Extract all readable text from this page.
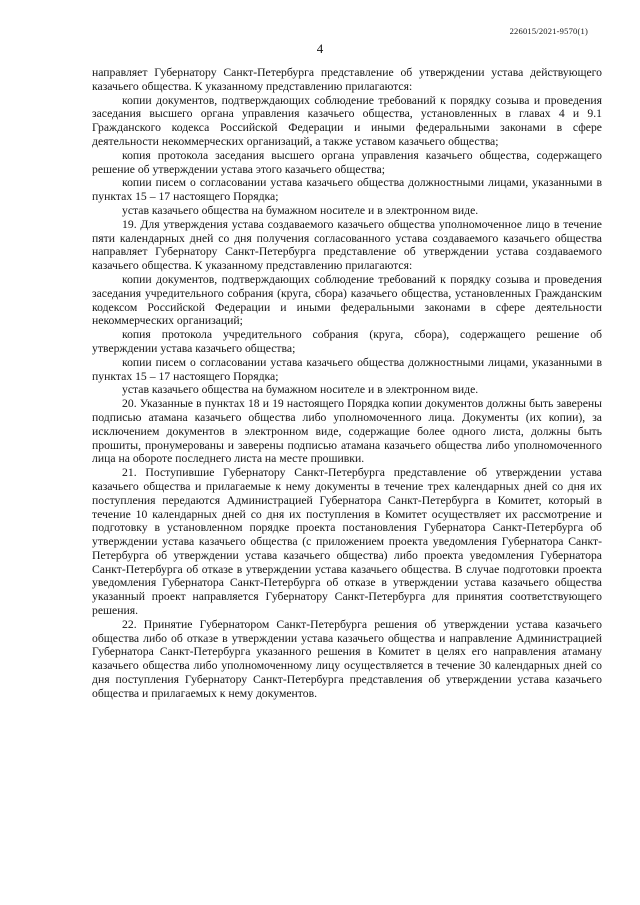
226015/2021-9570(1)
4

направляет Губернатору Санкт-Петербурга представление об утверждении устава действующего казачьего общества. К указанному представлению прилагаются:

копии документов, подтверждающих соблюдение требований к порядку созыва и проведения заседания высшего органа управления казачьего общества, установленных в главах 4 и 9.1 Гражданского кодекса Российской Федерации и иными федеральными законами в сфере деятельности некоммерческих организаций, а также уставом казачьего общества;

копия протокола заседания высшего органа управления казачьего общества, содержащего решение об утверждении устава этого казачьего общества;

копии писем о согласовании устава казачьего общества должностными лицами, указанными в пунктах 15 – 17 настоящего Порядка;

устав казачьего общества на бумажном носителе и в электронном виде.

19. Для утверждения устава создаваемого казачьего общества уполномоченное лицо в течение пяти календарных дней со дня получения согласованного устава создаваемого казачьего общества направляет Губернатору Санкт-Петербурга представление об утверждении устава создаваемого казачьего общества. К указанному представлению прилагаются:

копии документов, подтверждающих соблюдение требований к порядку созыва и проведения заседания учредительного собрания (круга, сбора) казачьего общества, установленных Гражданским кодексом Российской Федерации и иными федеральными законами в сфере деятельности некоммерческих организаций;

копия протокола учредительного собрания (круга, сбора), содержащего решение об утверждении устава казачьего общества;

копии писем о согласовании устава казачьего общества должностными лицами, указанными в пунктах 15 – 17 настоящего Порядка;

устав казачьего общества на бумажном носителе и в электронном виде.

20. Указанные в пунктах 18 и 19 настоящего Порядка копии документов должны быть заверены подписью атамана казачьего общества либо уполномоченного лица. Документы (их копии), за исключением документов в электронном виде, содержащие более одного листа, должны быть прошиты, пронумерованы и заверены подписью атамана казачьего общества либо уполномоченного лица на обороте последнего листа на месте прошивки.

21. Поступившие Губернатору Санкт-Петербурга представление об утверждении устава казачьего общества и прилагаемые к нему документы в течение трех календарных дней со дня их поступления передаются Администрацией Губернатора Санкт-Петербурга в Комитет, который в течение 10 календарных дней со дня их поступления в Комитет осуществляет их рассмотрение и подготовку в установленном порядке проекта постановления Губернатора Санкт-Петербурга об утверждении устава казачьего общества (с приложением проекта уведомления Губернатора Санкт-Петербурга об утверждении устава казачьего общества) либо проекта уведомления Губернатора Санкт-Петербурга об отказе в утверждении устава казачьего общества. В случае подготовки проекта уведомления Губернатора Санкт-Петербурга об отказе в утверждении устава казачьего общества указанный проект направляется Губернатору Санкт-Петербурга для принятия соответствующего решения.

22. Принятие Губернатором Санкт-Петербурга решения об утверждении устава казачьего общества либо об отказе в утверждении устава казачьего общества и направление Администрацией Губернатора Санкт-Петербурга указанного решения в Комитет в целях его направления атаману казачьего общества либо уполномоченному лицу осуществляется в течение 30 календарных дней со дня поступления Губернатору Санкт-Петербурга представления об утверждении устава казачьего общества и прилагаемых к нему документов.
